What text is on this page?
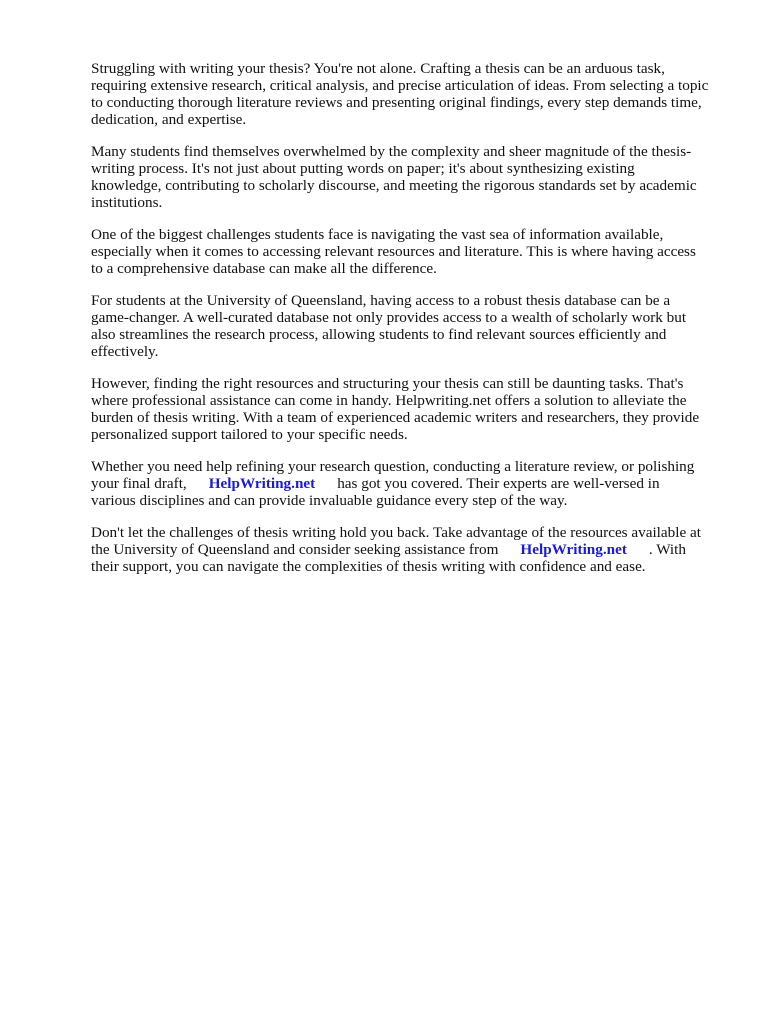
Struggling with writing your thesis? You're not alone. Crafting a thesis can be an arduous task,
requiring extensive research, critical analysis, and precise articulation of ideas. From selecting a topic
to conducting thorough literature reviews and presenting original findings, every step demands time,
dedication, and expertise.

Many students find themselves overwhelmed by the complexity and sheer magnitude of the thesis-
writing process. It's not just about putting words on paper; it's about synthesizing existing
knowledge, contributing to scholarly discourse, and meeting the rigorous standards set by academic
institutions.

One of the biggest challenges students face is navigating the vast sea of information available,
especially when it comes to accessing relevant resources and literature. This is where having access
to a comprehensive database can make all the difference.

For students at the University of Queensland, having access to a robust thesis database can be a
game-changer. A well-curated database not only provides access to a wealth of scholarly work but
also streamlines the research process, allowing students to find relevant sources efficiently and
effectively.

However, finding the right resources and structuring your thesis can still be daunting tasks. That's
where professional assistance can come in handy. Helpwriting.net offers a solution to alleviate the
burden of thesis writing. With a team of experienced academic writers and researchers, they provide
personalized support tailored to your specific needs.

Whether you need help refining your research question, conducting a literature review, or polishing
your final draft, HelpWriting.net has got you covered. Their experts are well-versed in
various disciplines and can provide invaluable guidance every step of the way.

Don't let the challenges of thesis writing hold you back. Take advantage of the resources available at
the University of Queensland and consider seeking assistance from HelpWriting.net . With
their support, you can navigate the complexities of thesis writing with confidence and ease.
